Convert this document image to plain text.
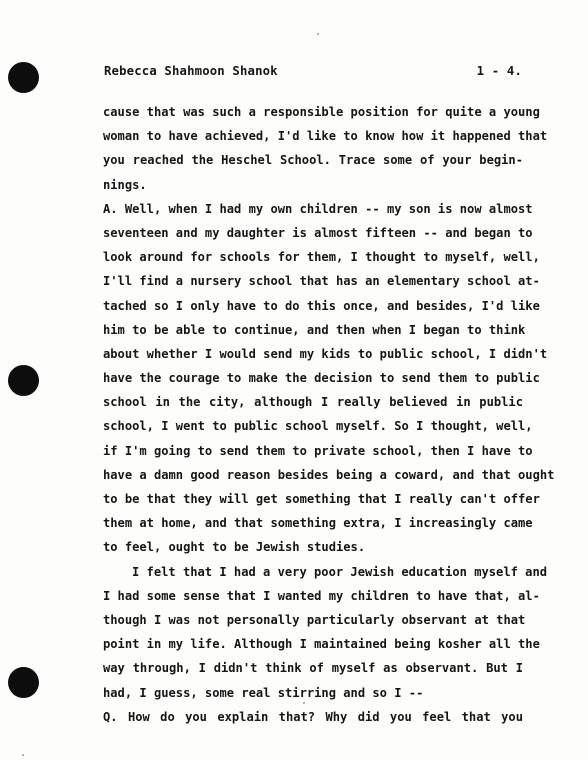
Rebecca Shahmoon Shanok	1 - 4.
cause that was such a responsible position for quite a young
woman to have achieved, I'd like to know how it happened that
you reached the Heschel School. Trace some of your begin-
nings.
A. Well, when I had my own children -- my son is now almost
seventeen and my daughter is almost fifteen -- and began to
look around for schools for them, I thought to myself, well,
I'll find a nursery school that has an elementary school at-
tached so I only have to do this once, and besides, I'd like
him to be able to continue, and then when I began to think
about whether I would send my kids to public school, I didn't
have the courage to make the decision to send them to public
school in the city, although I really believed in public
school, I went to public school myself. So I thought, well,
if I'm going to send them to private school, then I have to
have a damn good reason besides being a coward, and that ought
to be that they will get something that I really can't offer
them at home, and that something extra, I increasingly came
to feel, ought to be Jewish studies.
I felt that I had a very poor Jewish education myself and
I had some sense that I wanted my children to have that, al-
though I was not personally particularly observant at that
point in my life. Although I maintained being kosher all the
way through, I didn't think of myself as observant. But I
had, I guess, some real stirring and so I --
Q. How do you explain that? Why did you feel that you
